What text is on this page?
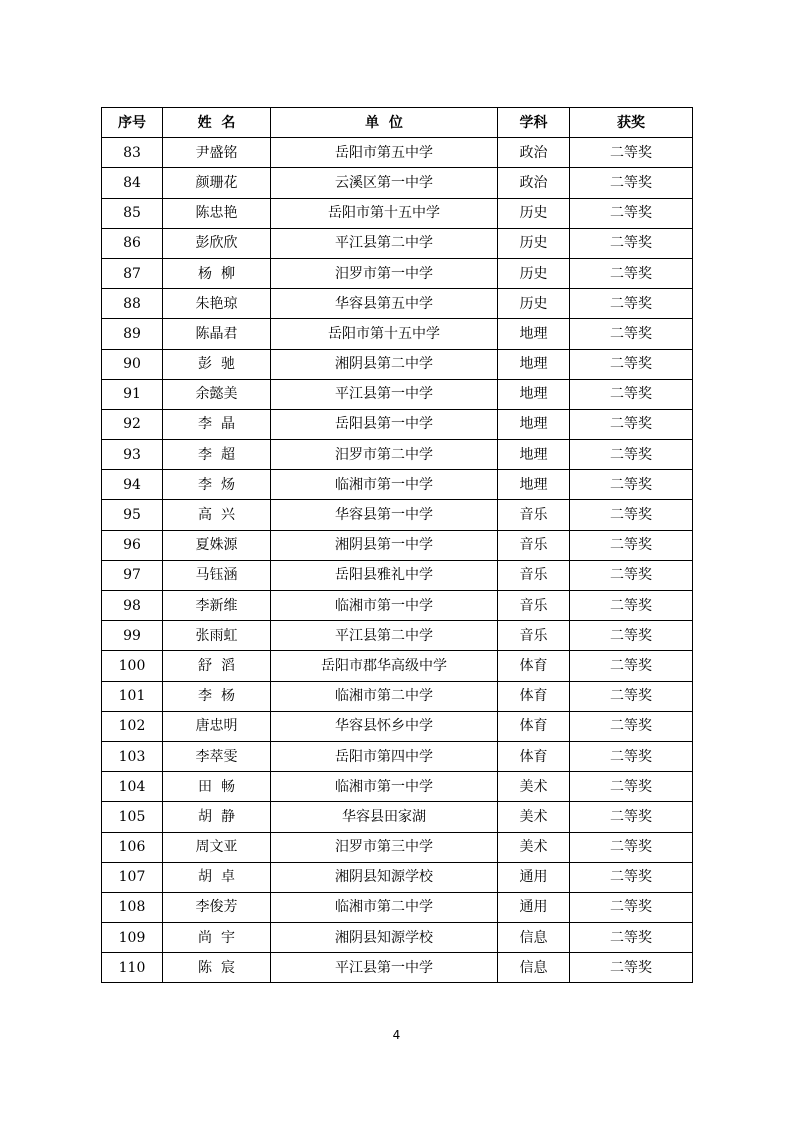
序号	姓  名	单  位	学科	获奖
83	尹盛铭	岳阳市第五中学	政治	二等奖
84	颜珊花	云溪区第一中学	政治	二等奖
85	陈忠艳	岳阳市第十五中学	历史	二等奖
86	彭欣欣	平江县第二中学	历史	二等奖
87	杨  柳	汨罗市第一中学	历史	二等奖
88	朱艳琼	华容县第五中学	历史	二等奖
89	陈晶君	岳阳市第十五中学	地理	二等奖
90	彭  驰	湘阴县第二中学	地理	二等奖
91	余懿美	平江县第一中学	地理	二等奖
92	李  晶	岳阳县第一中学	地理	二等奖
93	李  超	汨罗市第二中学	地理	二等奖
94	李  炀	临湘市第一中学	地理	二等奖
95	高  兴	华容县第一中学	音乐	二等奖
96	夏姝源	湘阴县第一中学	音乐	二等奖
97	马钰涵	岳阳县雅礼中学	音乐	二等奖
98	李新维	临湘市第一中学	音乐	二等奖
99	张雨虹	平江县第二中学	音乐	二等奖
100	舒  滔	岳阳市郡华高级中学	体育	二等奖
101	李  杨	临湘市第二中学	体育	二等奖
102	唐忠明	华容县怀乡中学	体育	二等奖
103	李萃雯	岳阳市第四中学	体育	二等奖
104	田  畅	临湘市第一中学	美术	二等奖
105	胡  静	华容县田家湖	美术	二等奖
106	周文亚	汨罗市第三中学	美术	二等奖
107	胡  卓	湘阴县知源学校	通用	二等奖
108	李俊芳	临湘市第二中学	通用	二等奖
109	尚  宇	湘阴县知源学校	信息	二等奖
110	陈  宸	平江县第一中学	信息	二等奖
4
